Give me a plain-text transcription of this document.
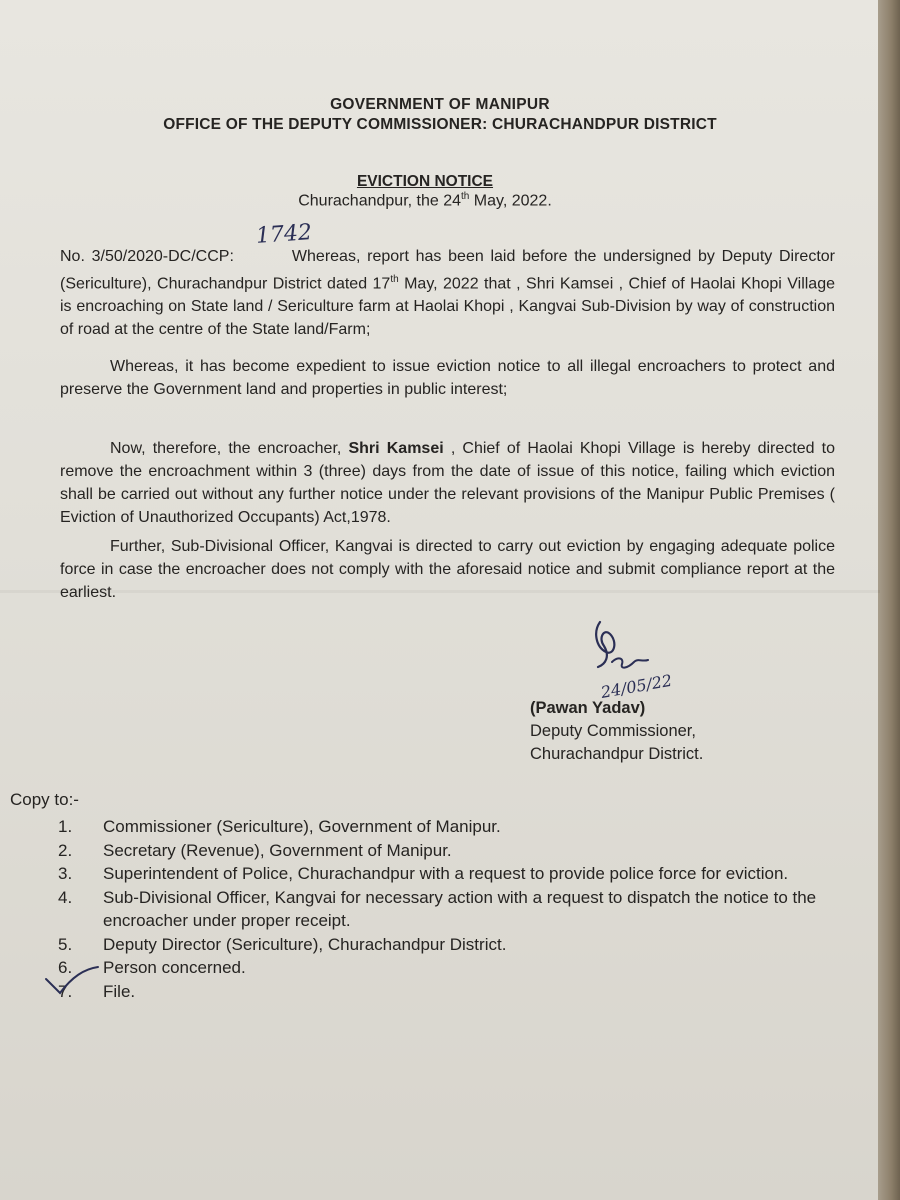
GOVERNMENT OF MANIPUR
OFFICE OF THE DEPUTY COMMISSIONER: CHURACHANDPUR DISTRICT
EVICTION NOTICE
Churachandpur, the 24th May, 2022.
1742
No. 3/50/2020-DC/CCP:	Whereas, report has been laid before the undersigned by Deputy Director (Sericulture), Churachandpur District dated 17th May, 2022 that , Shri Kamsei , Chief of Haolai Khopi Village is encroaching on State land / Sericulture farm at Haolai Khopi , Kangvai Sub-Division by way of construction of road at the centre of the State land/Farm;
Whereas, it has become expedient to issue eviction notice to all illegal encroachers to protect and preserve the Government land and properties in public interest;
Now, therefore, the encroacher, Shri Kamsei , Chief of Haolai Khopi Village is hereby directed to remove the encroachment within 3 (three) days from the date of issue of this notice, failing which eviction shall be carried out without any further notice under the relevant provisions of the Manipur Public Premises ( Eviction of Unauthorized Occupants) Act,1978.
Further, Sub-Divisional Officer, Kangvai is directed to carry out eviction by engaging adequate police force in case the encroacher does not comply with the aforesaid notice and submit compliance report at the earliest.
24/05/22
(Pawan Yadav)
Deputy Commissioner,
Churachandpur District.
Copy to:-
1.	Commissioner (Sericulture), Government of Manipur.
2.	Secretary (Revenue), Government of Manipur.
3.	Superintendent of Police, Churachandpur with a request to provide police force for eviction.
4.	Sub-Divisional Officer, Kangvai for necessary action with a request to dispatch the notice to the encroacher under proper receipt.
5.	Deputy Director (Sericulture), Churachandpur District.
6.	Person concerned.
7.	File.
